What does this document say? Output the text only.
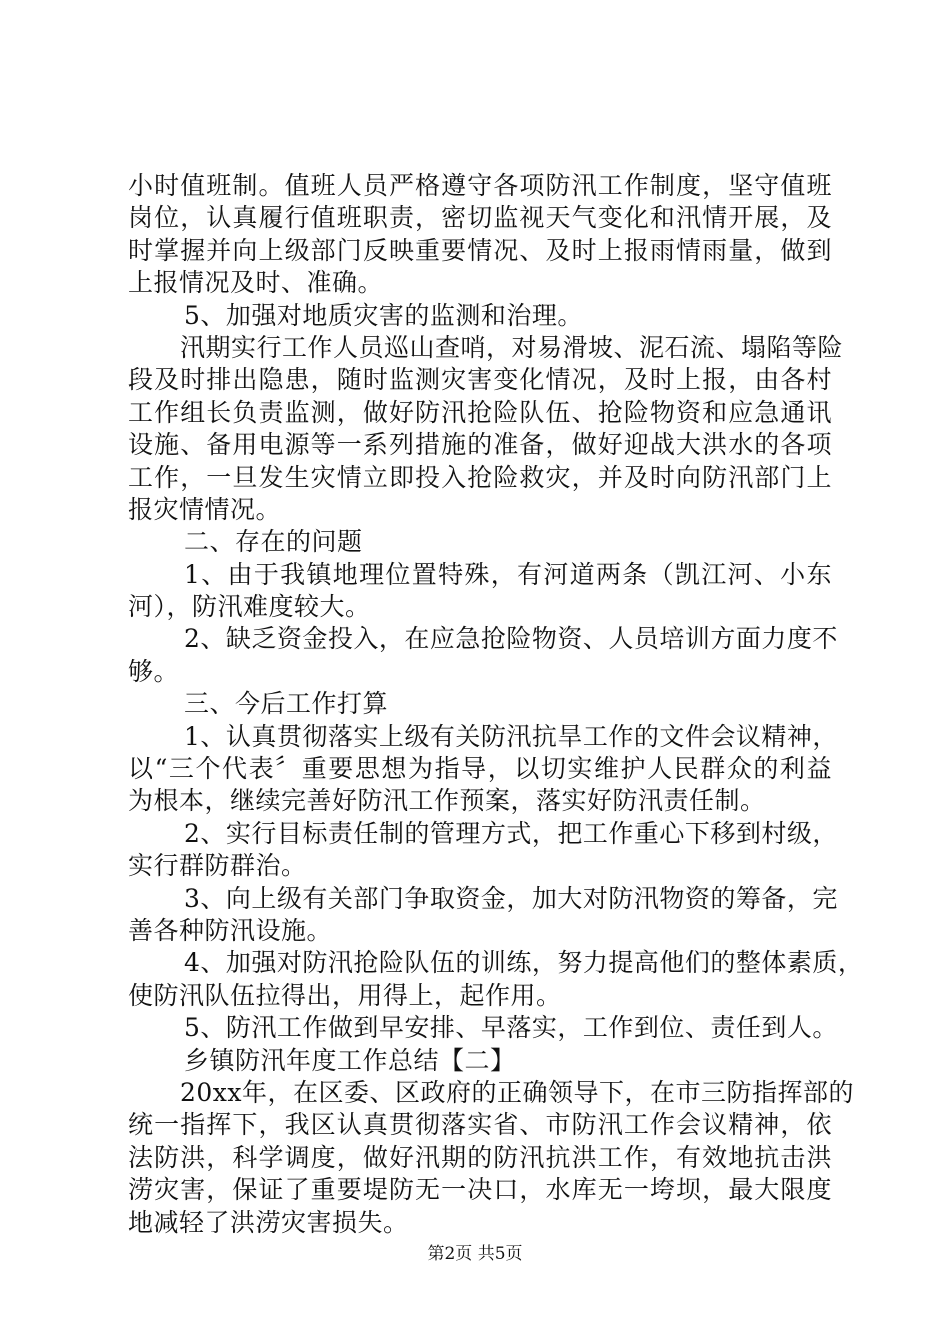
小时值班制。值班人员严格遵守各项防汛工作制度，坚守值班
岗位，认真履行值班职责，密切监视天气变化和汛情开展，及
时掌握并向上级部门反映重要情况、及时上报雨情雨量，做到
上报情况及时、准确。
5、加强对地质灾害的监测和治理。
汛期实行工作人员巡山查哨，对易滑坡、泥石流、塌陷等险
段及时排出隐患，随时监测灾害变化情况，及时上报，由各村
工作组长负责监测，做好防汛抢险队伍、抢险物资和应急通讯
设施、备用电源等一系列措施的准备，做好迎战大洪水的各项
工作，一旦发生灾情立即投入抢险救灾，并及时向防汛部门上
报灾情情况。
二、存在的问题
1、由于我镇地理位置特殊，有河道两条（凯江河、小东
河），防汛难度较大。
2、缺乏资金投入，在应急抢险物资、人员培训方面力度不
够。
三、今后工作打算
1、认真贯彻落实上级有关防汛抗旱工作的文件会议精神，
以“三个代表〞重要思想为指导，以切实维护人民群众的利益
为根本，继续完善好防汛工作预案，落实好防汛责任制。
2、实行目标责任制的管理方式，把工作重心下移到村级，
实行群防群治。
3、向上级有关部门争取资金，加大对防汛物资的筹备，完
善各种防汛设施。
4、加强对防汛抢险队伍的训练，努力提高他们的整体素质，
使防汛队伍拉得出，用得上，起作用。
5、防汛工作做到早安排、早落实，工作到位、责任到人。
乡镇防汛年度工作总结【二】
20xx年，在区委、区政府的正确领导下，在市三防指挥部的
统一指挥下，我区认真贯彻落实省、市防汛工作会议精神，依
法防洪，科学调度，做好汛期的防汛抗洪工作，有效地抗击洪
涝灾害，保证了重要堤防无一决口，水库无一垮坝，最大限度
地减轻了洪涝灾害损失。
第2页 共5页
